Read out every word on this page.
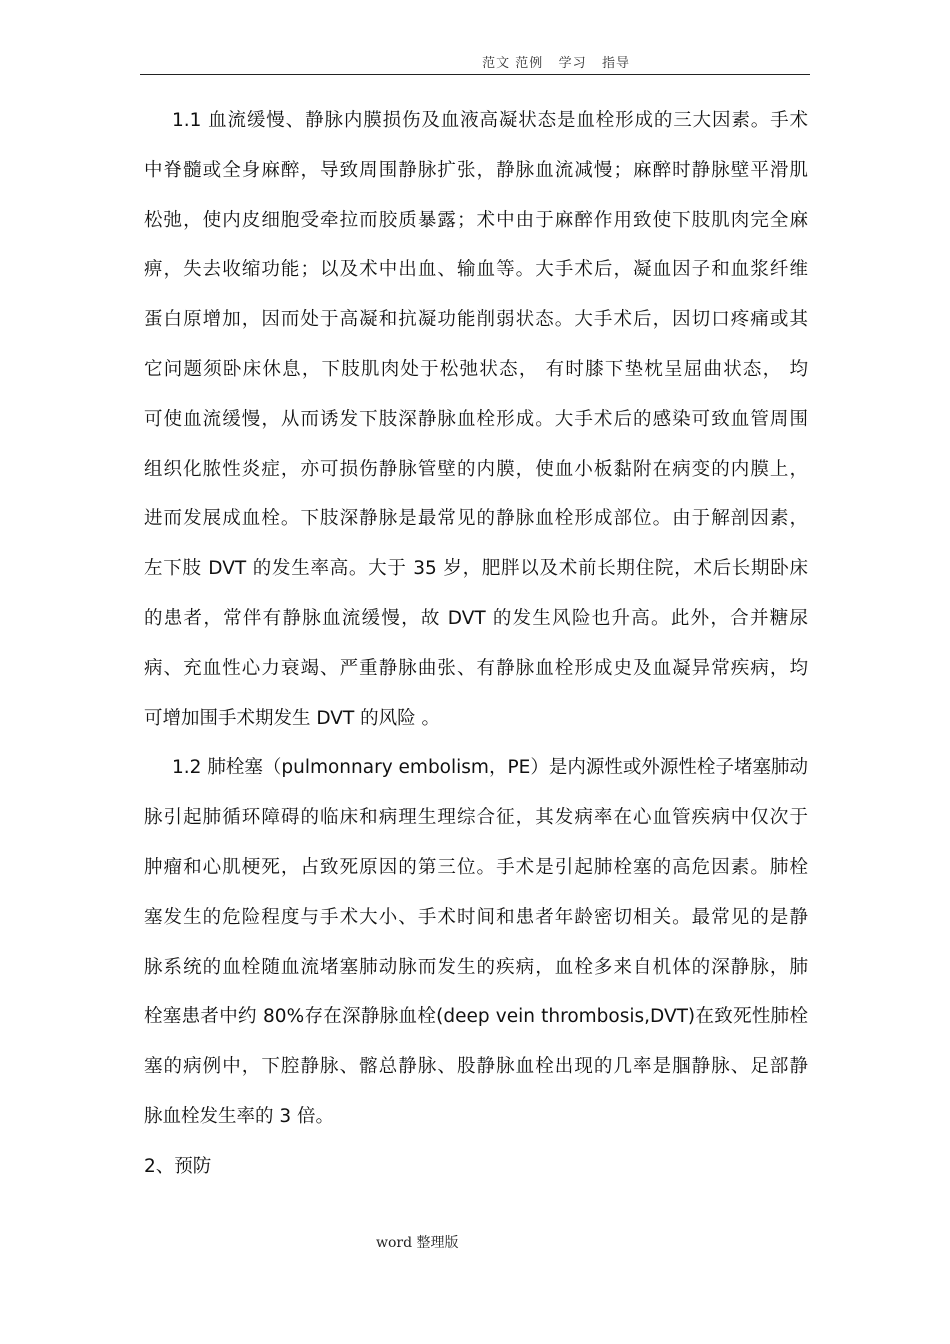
范文 范例   学习   指导
1.1 血流缓慢、静脉内膜损伤及血液高凝状态是血栓形成的三大因素。手术
中脊髓或全身麻醉，导致周围静脉扩张，静脉血流减慢；麻醉时静脉壁平滑肌
松弛，使内皮细胞受牵拉而胶质暴露；术中由于麻醉作用致使下肢肌肉完全麻
痹，失去收缩功能；以及术中出血、输血等。大手术后，凝血因子和血浆纤维
蛋白原增加，因而处于高凝和抗凝功能削弱状态。大手术后，因切口疼痛或其
它问题须卧床休息，下肢肌肉处于松弛状态， 有时膝下垫枕呈屈曲状态， 均
可使血流缓慢，从而诱发下肢深静脉血栓形成。大手术后的感染可致血管周围
组织化脓性炎症，亦可损伤静脉管壁的内膜，使血小板黏附在病变的内膜上，
进而发展成血栓。下肢深静脉是最常见的静脉血栓形成部位。由于解剖因素，
左下肢 DVT 的发生率高。大于 35 岁，肥胖以及术前长期住院，术后长期卧床
的患者，常伴有静脉血流缓慢，故 DVT 的发生风险也升高。此外，合并糖尿
病、充血性心力衰竭、严重静脉曲张、有静脉血栓形成史及血凝异常疾病，均
可增加围手术期发生 DVT 的风险 。
1.2 肺栓塞（pulmonnary embolism，PE）是内源性或外源性栓子堵塞肺动
脉引起肺循环障碍的临床和病理生理综合征，其发病率在心血管疾病中仅次于
肿瘤和心肌梗死，占致死原因的第三位。手术是引起肺栓塞的高危因素。肺栓
塞发生的危险程度与手术大小、手术时间和患者年龄密切相关。最常见的是静
脉系统的血栓随血流堵塞肺动脉而发生的疾病，血栓多来自机体的深静脉，肺
栓塞患者中约 80%存在深静脉血栓(deep vein thrombosis,DVT)在致死性肺栓
塞的病例中，下腔静脉、髂总静脉、股静脉血栓出现的几率是腘静脉、足部静
脉血栓发生率的 3 倍。
2、预防
word 整理版
